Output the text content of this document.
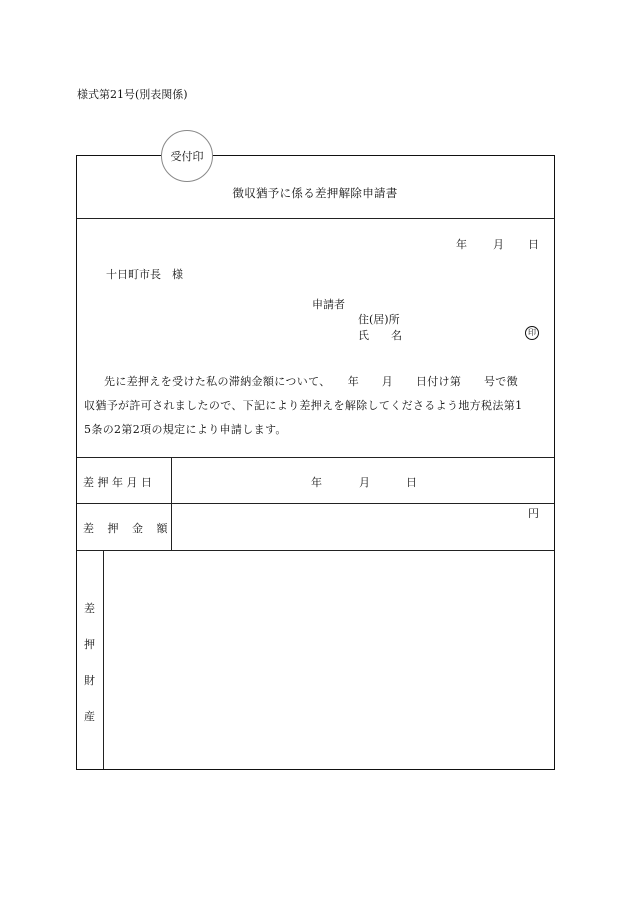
様式第21号(別表関係)
受付印
徴収猶予に係る差押解除申請書
年 月 日
十日町市長　様
申請者
住(居)所
氏　　名	印
先に差押えを受けた私の滞納金額について、　　年　　月　　日付け第　　号で徴
収猶予が許可されましたので、下記により差押えを解除してくださるよう地方税法第1
5条の2第2項の規定により申請します。
差押年月日	年	月	日
差押金額
円
差
押
財
産
